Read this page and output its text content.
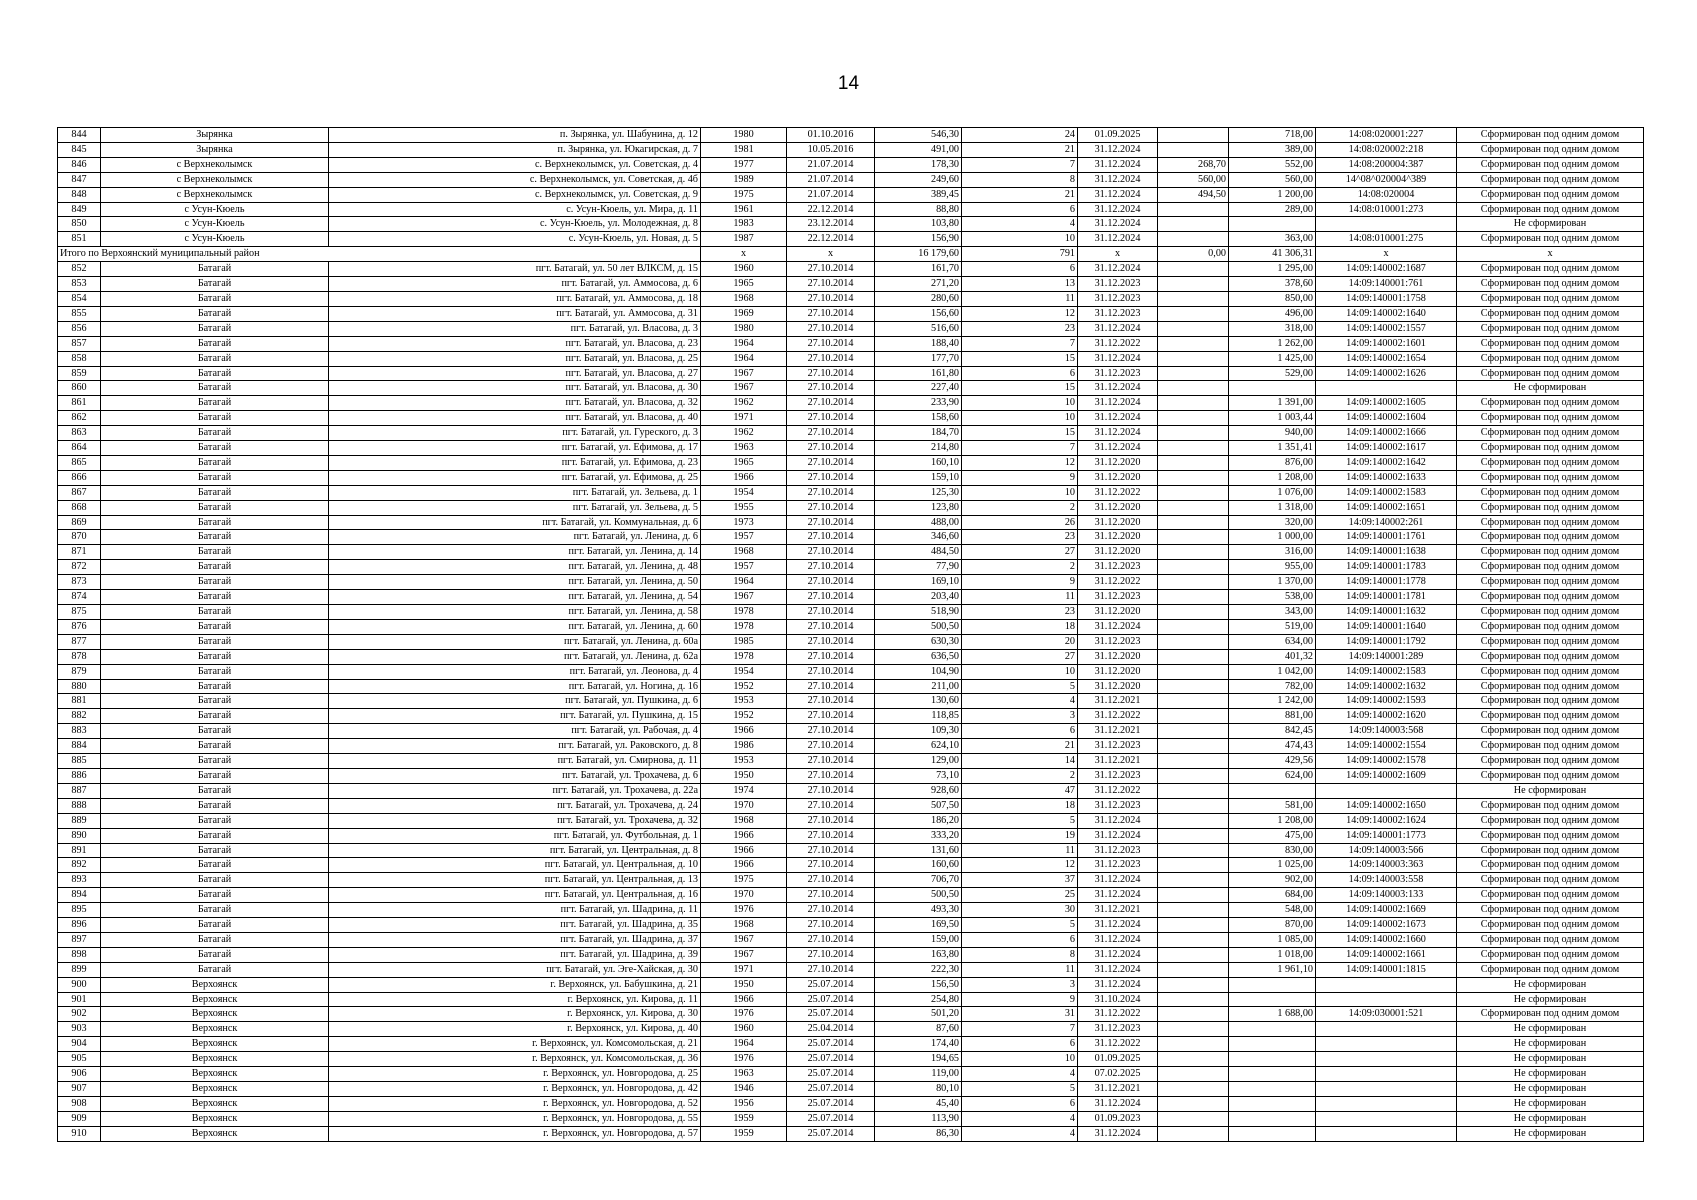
14
844	Зырянка	п. Зырянка, ул. Шабунина, д. 12	1980	01.10.2016	546,30	24	01.09.2025		718,00	14:08:020001:227	Сформирован под одним домом
845	Зырянка	п. Зырянка, ул. Юкагирская, д. 7	1981	10.05.2016	491,00	21	31.12.2024		389,00	14:08:020002:218	Сформирован под одним домом
846	с Верхнеколымск	с. Верхнеколымск, ул. Советская, д. 4	1977	21.07.2014	178,30	7	31.12.2024	268,70	552,00	14:08:200004:387	Сформирован под одним домом
847	с Верхнеколымск	с. Верхнеколымск, ул. Советская, д. 4б	1989	21.07.2014	249,60	8	31.12.2024	560,00	560,00	14^08^020004^389	Сформирован под одним домом
848	с Верхнеколымск	с. Верхнеколымск, ул. Советская, д. 9	1975	21.07.2014	389,45	21	31.12.2024	494,50	1 200,00	14:08:020004	Сформирован под одним домом
849	с Усун-Кюель	с. Усун-Кюель, ул. Мира, д. 11	1961	22.12.2014	88,80	6	31.12.2024		289,00	14:08:010001:273	Сформирован под одним домом
850	с Усун-Кюель	с. Усун-Кюель, ул. Молодежная, д. 8	1983	23.12.2014	103,80	4	31.12.2024				Не сформирован
851	с Усун-Кюель	с. Усун-Кюель, ул. Новая, д. 5	1987	22.12.2014	156,90	10	31.12.2024		363,00	14:08:010001:275	Сформирован под одним домом
Итого по Верхоянский муниципальный район			x	x	16 179,60	791	x	0,00	41 306,31	x	x
852	Батагай	пгт. Батагай, ул. 50 лет ВЛКСМ, д. 15	1960	27.10.2014	161,70	6	31.12.2024		1 295,00	14:09:140002:1687	Сформирован под одним домом
853	Батагай	пгт. Батагай, ул. Аммосова, д. 6	1965	27.10.2014	271,20	13	31.12.2023		378,60	14:09:140001:761	Сформирован под одним домом
854	Батагай	пгт. Батагай, ул. Аммосова, д. 18	1968	27.10.2014	280,60	11	31.12.2023		850,00	14:09:140001:1758	Сформирован под одним домом
855	Батагай	пгт. Батагай, ул. Аммосова, д. 31	1969	27.10.2014	156,60	12	31.12.2023		496,00	14:09:140002:1640	Сформирован под одним домом
856	Батагай	пгт. Батагай, ул. Власова, д. 3	1980	27.10.2014	516,60	23	31.12.2024		318,00	14:09:140002:1557	Сформирован под одним домом
857	Батагай	пгт. Батагай, ул. Власова, д. 23	1964	27.10.2014	188,40	7	31.12.2022		1 262,00	14:09:140002:1601	Сформирован под одним домом
858	Батагай	пгт. Батагай, ул. Власова, д. 25	1964	27.10.2014	177,70	15	31.12.2024		1 425,00	14:09:140002:1654	Сформирован под одним домом
859	Батагай	пгт. Батагай, ул. Власова, д. 27	1967	27.10.2014	161,80	6	31.12.2023		529,00	14:09:140002:1626	Сформирован под одним домом
860	Батагай	пгт. Батагай, ул. Власова, д. 30	1967	27.10.2014	227,40	15	31.12.2024				Не сформирован
861	Батагай	пгт. Батагай, ул. Власова, д. 32	1962	27.10.2014	233,90	10	31.12.2024		1 391,00	14:09:140002:1605	Сформирован под одним домом
862	Батагай	пгт. Батагай, ул. Власова, д. 40	1971	27.10.2014	158,60	10	31.12.2024		1 003,44	14:09:140002:1604	Сформирован под одним домом
863	Батагай	пгт. Батагай, ул. Гуреского, д. 3	1962	27.10.2014	184,70	15	31.12.2024		940,00	14:09:140002:1666	Сформирован под одним домом
864	Батагай	пгт. Батагай, ул. Ефимова, д. 17	1963	27.10.2014	214,80	7	31.12.2024		1 351,41	14:09:140002:1617	Сформирован под одним домом
865	Батагай	пгт. Батагай, ул. Ефимова, д. 23	1965	27.10.2014	160,10	12	31.12.2020		876,00	14:09:140002:1642	Сформирован под одним домом
866	Батагай	пгт. Батагай, ул. Ефимова, д. 25	1966	27.10.2014	159,10	9	31.12.2020		1 208,00	14:09:140002:1633	Сформирован под одним домом
867	Батагай	пгт. Батагай, ул. Зельева, д. 1	1954	27.10.2014	125,30	10	31.12.2022		1 076,00	14:09:140002:1583	Сформирован под одним домом
868	Батагай	пгт. Батагай, ул. Зельева, д. 5	1955	27.10.2014	123,80	2	31.12.2020		1 318,00	14:09:140002:1651	Сформирован под одним домом
869	Батагай	пгт. Батагай, ул. Коммунальная, д. 6	1973	27.10.2014	488,00	26	31.12.2020		320,00	14:09:140002:261	Сформирован под одним домом
870	Батагай	пгт. Батагай, ул. Ленина, д. 6	1957	27.10.2014	346,60	23	31.12.2020		1 000,00	14:09:140001:1761	Сформирован под одним домом
871	Батагай	пгт. Батагай, ул. Ленина, д. 14	1968	27.10.2014	484,50	27	31.12.2020		316,00	14:09:140001:1638	Сформирован под одним домом
872	Батагай	пгт. Батагай, ул. Ленина, д. 48	1957	27.10.2014	77,90	2	31.12.2023		955,00	14:09:140001:1783	Сформирован под одним домом
873	Батагай	пгт. Батагай, ул. Ленина, д. 50	1964	27.10.2014	169,10	9	31.12.2022		1 370,00	14:09:140001:1778	Сформирован под одним домом
874	Батагай	пгт. Батагай, ул. Ленина, д. 54	1967	27.10.2014	203,40	11	31.12.2023		538,00	14:09:140001:1781	Сформирован под одним домом
875	Батагай	пгт. Батагай, ул. Ленина, д. 58	1978	27.10.2014	518,90	23	31.12.2020		343,00	14:09:140001:1632	Сформирован под одним домом
876	Батагай	пгт. Батагай, ул. Ленина, д. 60	1978	27.10.2014	500,50	18	31.12.2024		519,00	14:09:140001:1640	Сформирован под одним домом
877	Батагай	пгт. Батагай, ул. Ленина, д. 60а	1985	27.10.2014	630,30	20	31.12.2023		634,00	14:09:140001:1792	Сформирован под одним домом
878	Батагай	пгт. Батагай, ул. Ленина, д. 62а	1978	27.10.2014	636,50	27	31.12.2020		401,32	14:09:140001:289	Сформирован под одним домом
879	Батагай	пгт. Батагай, ул. Леонова, д. 4	1954	27.10.2014	104,90	10	31.12.2020		1 042,00	14:09:140002:1583	Сформирован под одним домом
880	Батагай	пгт. Батагай, ул. Ногина, д. 16	1952	27.10.2014	211,00	5	31.12.2020		782,00	14:09:140002:1632	Сформирован под одним домом
881	Батагай	пгт. Батагай, ул. Пушкина, д. 6	1953	27.10.2014	130,60	4	31.12.2021		1 242,00	14:09:140002:1593	Сформирован под одним домом
882	Батагай	пгт. Батагай, ул. Пушкина, д. 15	1952	27.10.2014	118,85	3	31.12.2022		881,00	14:09:140002:1620	Сформирован под одним домом
883	Батагай	пгт. Батагай, ул. Рабочая, д. 4	1966	27.10.2014	109,30	6	31.12.2021		842,45	14:09:140003:568	Сформирован под одним домом
884	Батагай	пгт. Батагай, ул. Раковского, д. 8	1986	27.10.2014	624,10	21	31.12.2023		474,43	14:09:140002:1554	Сформирован под одним домом
885	Батагай	пгт. Батагай, ул. Смирнова, д. 11	1953	27.10.2014	129,00	14	31.12.2021		429,56	14:09:140002:1578	Сформирован под одним домом
886	Батагай	пгт. Батагай, ул. Трохачева, д. 6	1950	27.10.2014	73,10	2	31.12.2023		624,00	14:09:140002:1609	Сформирован под одним домом
887	Батагай	пгт. Батагай, ул. Трохачева, д. 22а	1974	27.10.2014	928,60	47	31.12.2022				Не сформирован
888	Батагай	пгт. Батагай, ул. Трохачева, д. 24	1970	27.10.2014	507,50	18	31.12.2023		581,00	14:09:140002:1650	Сформирован под одним домом
889	Батагай	пгт. Батагай, ул. Трохачева, д. 32	1968	27.10.2014	186,20	5	31.12.2024		1 208,00	14:09:140002:1624	Сформирован под одним домом
890	Батагай	пгт. Батагай, ул. Футбольная, д. 1	1966	27.10.2014	333,20	19	31.12.2024		475,00	14:09:140001:1773	Сформирован под одним домом
891	Батагай	пгт. Батагай, ул. Центральная, д. 8	1966	27.10.2014	131,60	11	31.12.2023		830,00	14:09:140003:566	Сформирован под одним домом
892	Батагай	пгт. Батагай, ул. Центральная, д. 10	1966	27.10.2014	160,60	12	31.12.2023		1 025,00	14:09:140003:363	Сформирован под одним домом
893	Батагай	пгт. Батагай, ул. Центральная, д. 13	1975	27.10.2014	706,70	37	31.12.2024		902,00	14:09:140003:558	Сформирован под одним домом
894	Батагай	пгт. Батагай, ул. Центральная, д. 16	1970	27.10.2014	500,50	25	31.12.2024		684,00	14:09:140003:133	Сформирован под одним домом
895	Батагай	пгт. Батагай, ул. Шадрина, д. 11	1976	27.10.2014	493,30	30	31.12.2021		548,00	14:09:140002:1669	Сформирован под одним домом
896	Батагай	пгт. Батагай, ул. Шадрина, д. 35	1968	27.10.2014	169,50	5	31.12.2024		870,00	14:09:140002:1673	Сформирован под одним домом
897	Батагай	пгт. Батагай, ул. Шадрина, д. 37	1967	27.10.2014	159,00	6	31.12.2024		1 085,00	14:09:140002:1660	Сформирован под одним домом
898	Батагай	пгт. Батагай, ул. Шадрина, д. 39	1967	27.10.2014	163,80	8	31.12.2024		1 018,00	14:09:140002:1661	Сформирован под одним домом
899	Батагай	пгт. Батагай, ул. Эге-Хайская, д. 30	1971	27.10.2014	222,30	11	31.12.2024		1 961,10	14:09:140001:1815	Сформирован под одним домом
900	Верхоянск	г. Верхоянск, ул. Бабушкина, д. 21	1950	25.07.2014	156,50	3	31.12.2024				Не сформирован
901	Верхоянск	г. Верхоянск, ул. Кирова, д. 11	1966	25.07.2014	254,80	9	31.10.2024				Не сформирован
902	Верхоянск	г. Верхоянск, ул. Кирова, д. 30	1976	25.07.2014	501,20	31	31.12.2022		1 688,00	14:09:030001:521	Сформирован под одним домом
903	Верхоянск	г. Верхоянск, ул. Кирова, д. 40	1960	25.04.2014	87,60	7	31.12.2023				Не сформирован
904	Верхоянск	г. Верхоянск, ул. Комсомольская, д. 21	1964	25.07.2014	174,40	6	31.12.2022				Не сформирован
905	Верхоянск	г. Верхоянск, ул. Комсомольская, д. 36	1976	25.07.2014	194,65	10	01.09.2025				Не сформирован
906	Верхоянск	г. Верхоянск, ул. Новгородова, д. 25	1963	25.07.2014	119,00	4	07.02.2025				Не сформирован
907	Верхоянск	г. Верхоянск, ул. Новгородова, д. 42	1946	25.07.2014	80,10	5	31.12.2021				Не сформирован
908	Верхоянск	г. Верхоянск, ул. Новгородова, д. 52	1956	25.07.2014	45,40	6	31.12.2024				Не сформирован
909	Верхоянск	г. Верхоянск, ул. Новгородова, д. 55	1959	25.07.2014	113,90	4	01.09.2023				Не сформирован
910	Верхоянск	г. Верхоянск, ул. Новгородова, д. 57	1959	25.07.2014	86,30	4	31.12.2024				Не сформирован
